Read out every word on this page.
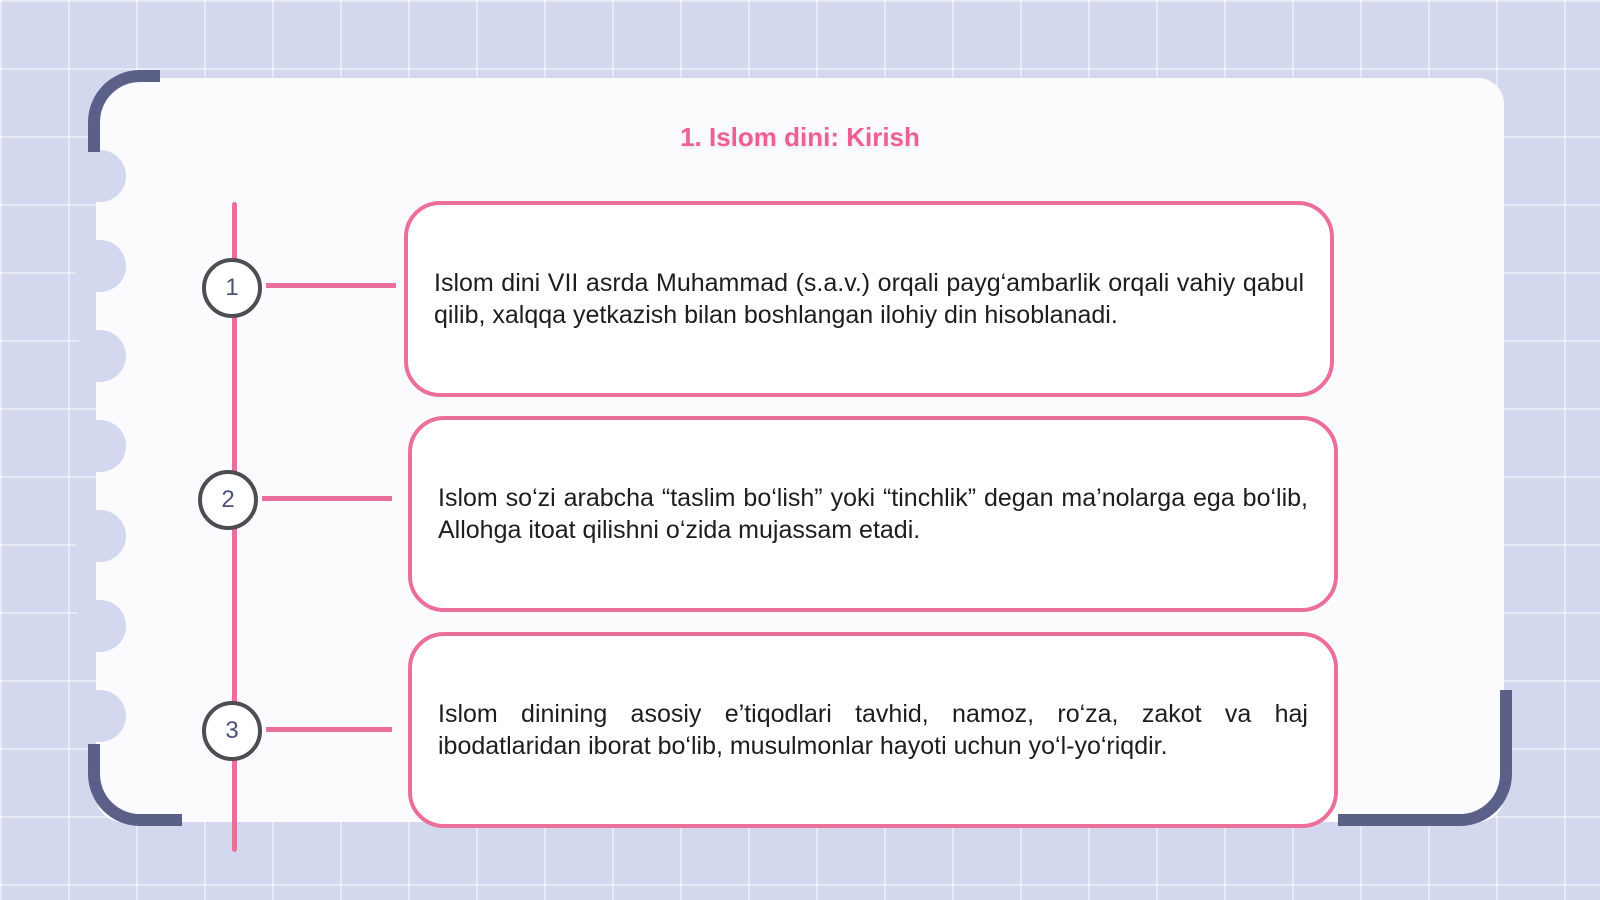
1. Islom dini: Kirish
1
2
3
Islom dini VII asrda Muhammad (s.a.v.) orqali payg‘ambarlik orqali vahiy qabul qilib, xalqqa yetkazish bilan boshlangan ilohiy din hisoblanadi.
Islom so‘zi arabcha “taslim bo‘lish” yoki “tinchlik” degan ma’nolarga ega bo‘lib, Allohga itoat qilishni o‘zida mujassam etadi.
Islom dinining asosiy e’tiqodlari tavhid, namoz, ro‘za, zakot va haj ibodatlaridan iborat bo‘lib, musulmonlar hayoti uchun yo‘l-yo‘riqdir.
